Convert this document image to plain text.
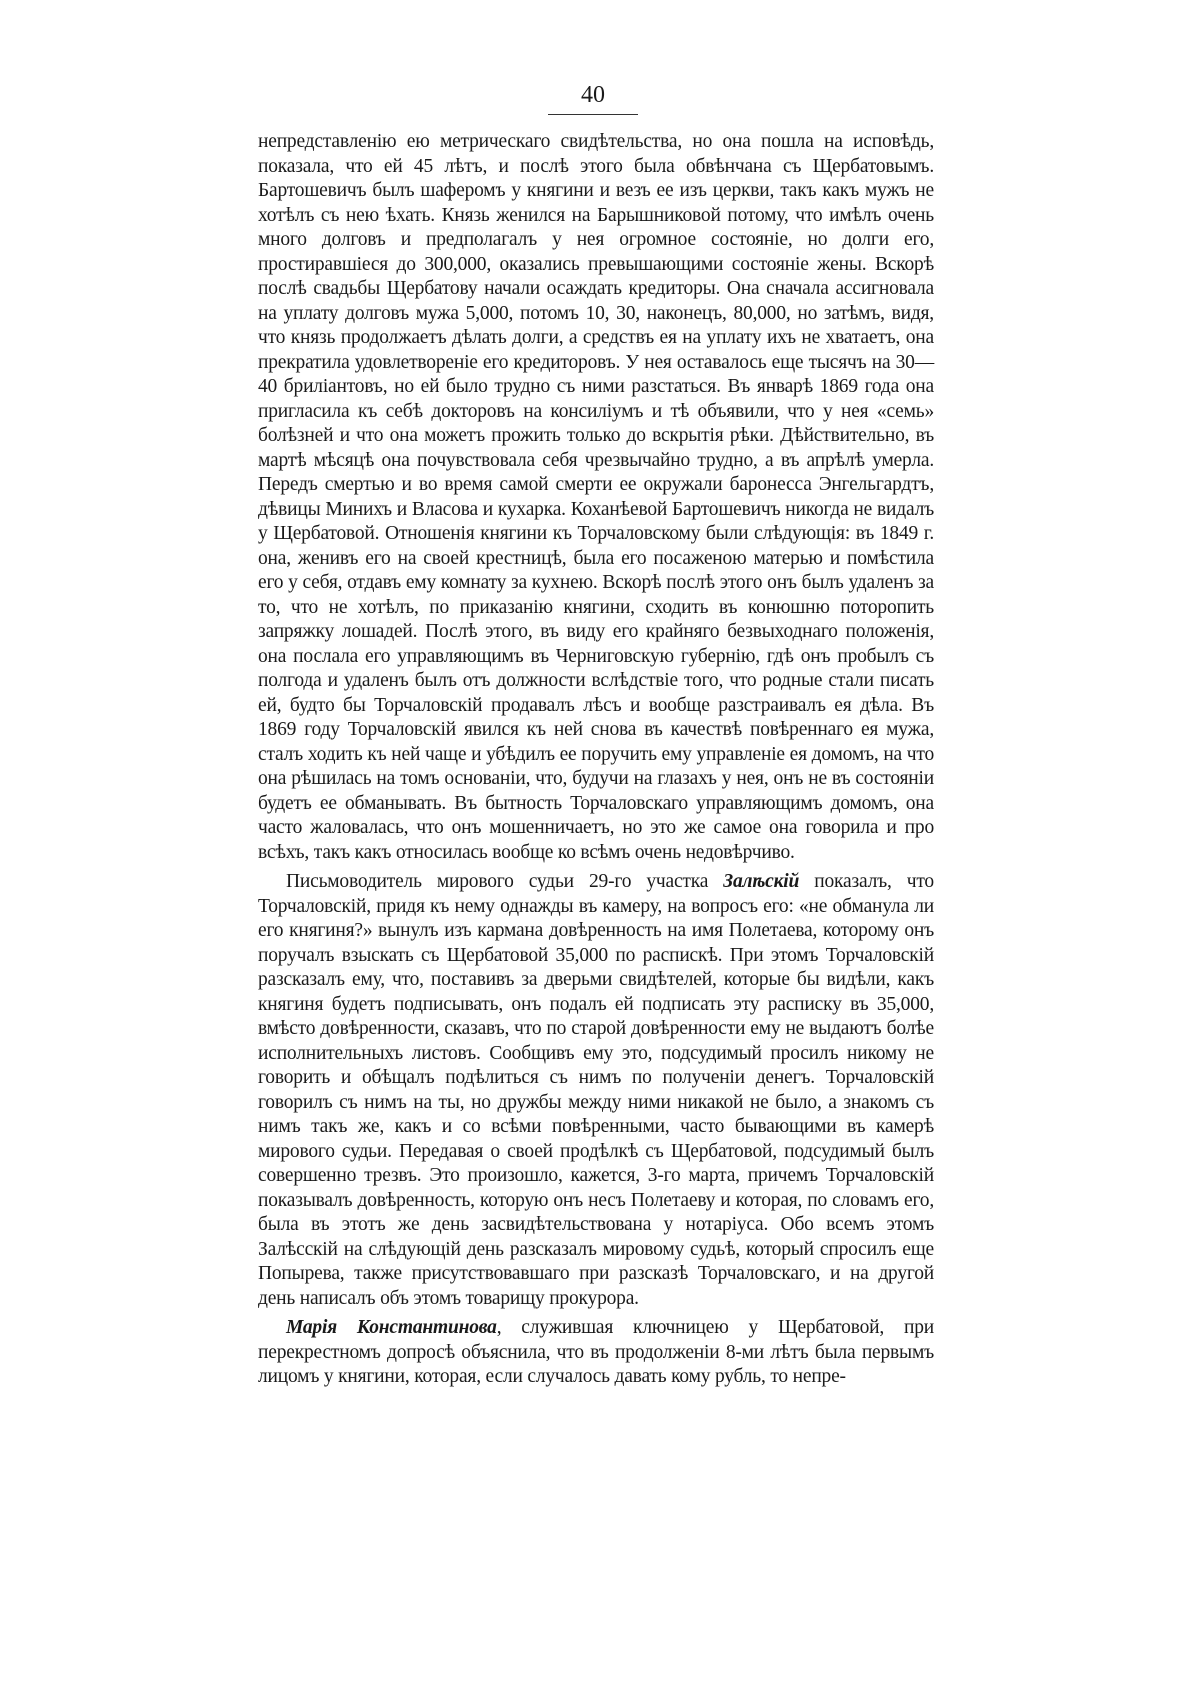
40

непредставленію ею метрическаго свидѣтельства, но она пошла на исповѣдь, показала, что ей 45 лѣтъ, и послѣ этого была обвѣнчана съ Щербатовымъ. Бартошевичъ былъ шаферомъ у княгини и везъ ее изъ церкви, такъ какъ мужъ не хотѣлъ съ нею ѣхать. Князь женился на Барышниковой потому, что имѣлъ очень много долговъ и предполагалъ у нея огромное состояніе, но долги его, простиравшіеся до 300,000, оказались превышающими состояніе жены. Вскорѣ послѣ свадьбы Щербатову начали осаждать кредиторы. Она сначала ассигновала на уплату долговъ мужа 5,000, потомъ 10, 30, наконецъ, 80,000, но затѣмъ, видя, что князь продолжаетъ дѣлать долги, а средствъ ея на уплату ихъ не хватаетъ, она прекратила удовлетвореніе его кредиторовъ. У нея оставалось еще тысячъ на 30—40 бриліантовъ, но ей было трудно съ ними разстаться. Въ январѣ 1869 года она пригласила къ себѣ докторовъ на консиліумъ и тѣ объявили, что у нея «семь» болѣзней и что она можетъ прожить только до вскрытія рѣки. Дѣйствительно, въ мартѣ мѣсяцѣ она почувствовала себя чрезвычайно трудно, а въ апрѣлѣ умерла. Передъ смертью и во время самой смерти ее окружали баронесса Энгельгардтъ, дѣвицы Минихъ и Власова и кухарка. Коханѣевой Бартошевичъ никогда не видалъ у Щербатовой. Отношенія княгини къ Торчаловскому были слѣдующія: въ 1849 г. она, женивъ его на своей крестницѣ, была его посаженою матерью и помѣстила его у себя, отдавъ ему комнату за кухнею. Вскорѣ послѣ этого онъ былъ удаленъ за то, что не хотѣлъ, по приказанію княгини, сходить въ конюшню поторопить запряжку лошадей. Послѣ этого, въ виду его крайняго безвыходнаго положенія, она послала его управляющимъ въ Черниговскую губернію, гдѣ онъ пробылъ съ полгода и удаленъ былъ отъ должности вслѣдствіе того, что родные стали писать ей, будто бы Торчаловскій продавалъ лѣсъ и вообще разстраивалъ ея дѣла. Въ 1869 году Торчаловскій явился къ ней снова въ качествѣ повѣреннаго ея мужа, сталъ ходить къ ней чаще и убѣдилъ ее поручить ему управленіе ея домомъ, на что она рѣшилась на томъ основаніи, что, будучи на глазахъ у нея, онъ не въ состояніи будетъ ее обманывать. Въ бытность Торчаловскаго управляющимъ домомъ, она часто жаловалась, что онъ мошенничаетъ, но это же самое она говорила и про всѣхъ, такъ какъ относилась вообще ко всѣмъ очень недовѣрчиво.

Письмоводитель мирового судьи 29-го участка Залѣскій показалъ, что Торчаловскій, придя къ нему однажды въ камеру, на вопросъ его: «не обманула ли его княгиня?» вынулъ изъ кармана довѣренность на имя Полетаева, которому онъ поручалъ взыскать съ Щербатовой 35,000 по распискѣ. При этомъ Торчаловскій разсказалъ ему, что, поставивъ за дверьми свидѣтелей, которые бы видѣли, какъ княгиня будетъ подписывать, онъ подалъ ей подписать эту расписку въ 35,000, вмѣсто довѣренности, сказавъ, что по старой довѣренности ему не выдаютъ болѣе исполнительныхъ листовъ. Сообщивъ ему это, подсудимый просилъ никому не говорить и обѣщалъ подѣлиться съ нимъ по полученіи денегъ. Торчаловскій говорилъ съ нимъ на ты, но дружбы между ними никакой не было, а знакомъ съ нимъ такъ же, какъ и со всѣми повѣренными, часто бывающими въ камерѣ мирового судьи. Передавая о своей продѣлкѣ съ Щербатовой, подсудимый былъ совершенно трезвъ. Это произошло, кажется, 3-го марта, причемъ Торчаловскій показывалъ довѣренность, которую онъ несъ Полетаеву и которая, по словамъ его, была въ этотъ же день засвидѣтельствована у нотаріуса. Обо всемъ этомъ Залѣсскій на слѣдующій день разсказалъ мировому судьѣ, который спросилъ еще Попырева, также присутствовавшаго при разсказѣ Торчаловскаго, и на другой день написалъ объ этомъ товарищу прокурора.

Марія Константинова, служившая ключницею у Щербатовой, при перекрестномъ допросѣ объяснила, что въ продолженіи 8-ми лѣтъ была первымъ лицомъ у княгини, которая, если случалось давать кому рубль, то непре-
